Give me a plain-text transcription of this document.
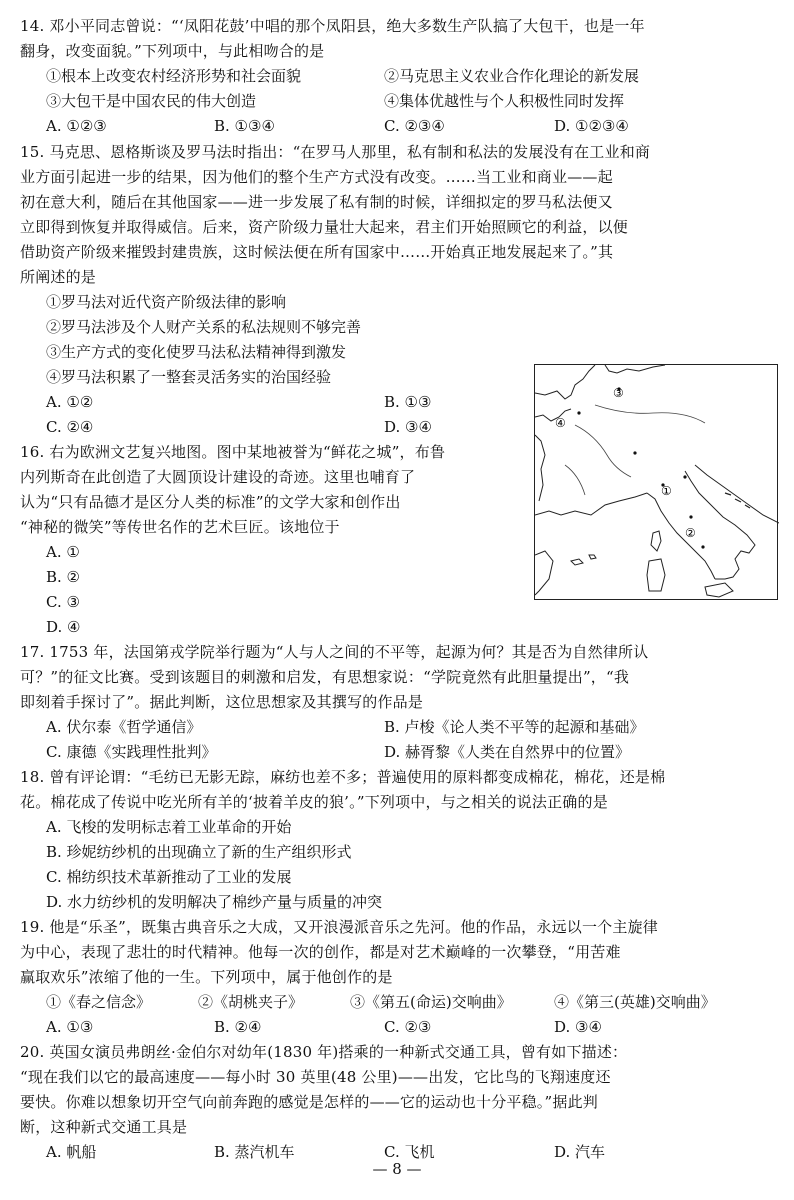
14. 邓小平同志曾说：“‘凤阳花鼓’中唱的那个凤阳县，绝大多数生产队搞了大包干，也是一年
翻身，改变面貌。”下列项中，与此相吻合的是
①根本上改变农村经济形势和社会面貌	②马克思主义农业合作化理论的新发展
③大包干是中国农民的伟大创造	④集体优越性与个人积极性同时发挥
A. ①②③	B. ①③④	C. ②③④	D. ①②③④
15. 马克思、恩格斯谈及罗马法时指出：“在罗马人那里，私有制和私法的发展没有在工业和商
业方面引起进一步的结果，因为他们的整个生产方式没有改变。……当工业和商业——起
初在意大利，随后在其他国家——进一步发展了私有制的时候，详细拟定的罗马私法便又
立即得到恢复并取得威信。后来，资产阶级力量壮大起来，君主们开始照顾它的利益，以便
借助资产阶级来摧毁封建贵族，这时候法便在所有国家中……开始真正地发展起来了。”其
所阐述的是
①罗马法对近代资产阶级法律的影响
②罗马法涉及个人财产关系的私法规则不够完善
③生产方式的变化使罗马法私法精神得到激发
④罗马法积累了一整套灵活务实的治国经验
A. ①②	B. ①③
C. ②④	D. ③④
16. 右为欧洲文艺复兴地图。图中某地被誉为“鲜花之城”，布鲁
内列斯奇在此创造了大圆顶设计建设的奇迹。这里也哺育了
认为“只有品德才是区分人类的标准”的文学大家和创作出
“神秘的微笑”等传世名作的艺术巨匠。该地位于
A. ①
B. ②
C. ③
D. ④
③
④
①
②
17. 1753 年，法国第戎学院举行题为“人与人之间的不平等，起源为何？其是否为自然律所认
可？”的征文比赛。受到该题目的刺激和启发，有思想家说：“学院竟然有此胆量提出”，“我
即刻着手探讨了”。据此判断，这位思想家及其撰写的作品是
A. 伏尔泰《哲学通信》	B. 卢梭《论人类不平等的起源和基础》
C. 康德《实践理性批判》	D. 赫胥黎《人类在自然界中的位置》
18. 曾有评论谓：“毛纺已无影无踪，麻纺也差不多；普遍使用的原料都变成棉花，棉花，还是棉
花。棉花成了传说中吃光所有羊的‘披着羊皮的狼’。”下列项中，与之相关的说法正确的是
A. 飞梭的发明标志着工业革命的开始
B. 珍妮纺纱机的出现确立了新的生产组织形式
C. 棉纺织技术革新推动了工业的发展
D. 水力纺纱机的发明解决了棉纱产量与质量的冲突
19. 他是“乐圣”，既集古典音乐之大成，又开浪漫派音乐之先河。他的作品，永远以一个主旋律
为中心，表现了悲壮的时代精神。他每一次的创作，都是对艺术巅峰的一次攀登，“用苦难
赢取欢乐”浓缩了他的一生。下列项中，属于他创作的是
①《春之信念》	②《胡桃夹子》	③《第五(命运)交响曲》	④《第三(英雄)交响曲》
A. ①③	B. ②④	C. ②③	D. ③④
20. 英国女演员弗朗丝·金伯尔对幼年(1830 年)搭乘的一种新式交通工具，曾有如下描述：
“现在我们以它的最高速度——每小时 30 英里(48 公里)——出发，它比鸟的飞翔速度还
要快。你难以想象切开空气向前奔跑的感觉是怎样的——它的运动也十分平稳。”据此判
断，这种新式交通工具是
A. 帆船	B. 蒸汽机车	C. 飞机	D. 汽车
— 8 —
